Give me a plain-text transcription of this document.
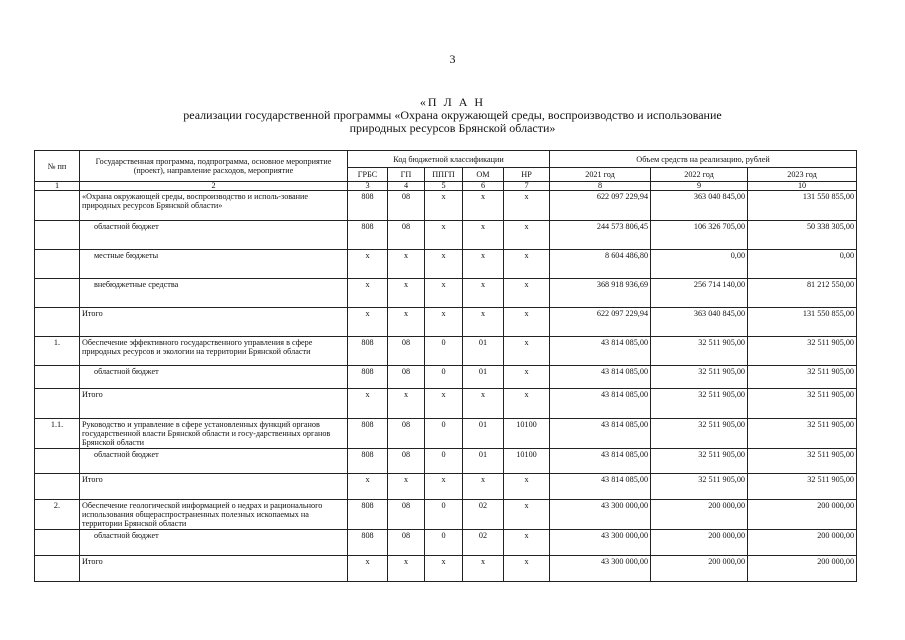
3
«П Л А Н
реализации государственной программы «Охрана окружающей среды, воспроизводство и использование
природных ресурсов Брянской области»
№ пп	Государственная программа, подпрограмма, основное мероприятие (проект), направление расходов, мероприятие	Код бюджетной классификации					Объем средств на реализацию, рублей		
		ГРБС	ГП	ППГП	ОМ	НР	2021 год	2022 год	2023 год
1	2	3	4	5	6	7	8	9	10
	«Охрана окружающей среды, воспроизводство и исполь-зование природных ресурсов Брянской области»	808	08	х	х	х	622 097 229,94	363 040 845,00	131 550 855,00
	областной бюджет	808	08	х	х	х	244 573 806,45	106 326 705,00	50 338 305,00
	местные бюджеты	х	х	х	х	х	8 604 486,80	0,00	0,00
	внебюджетные средства	х	х	х	х	х	368 918 936,69	256 714 140,00	81 212 550,00
	Итого	х	х	х	х	х	622 097 229,94	363 040 845,00	131 550 855,00
1.	Обеспечение эффективного государственного управления в сфере природных ресурсов и экологии на территории Брянской области	808	08	0	01	х	43 814 085,00	32 511 905,00	32 511 905,00
	областной бюджет	808	08	0	01	х	43 814 085,00	32 511 905,00	32 511 905,00
	Итого	х	х	х	х	х	43 814 085,00	32 511 905,00	32 511 905,00
1.1.	Руководство и управление в сфере установленных функций органов государственной власти Брянской области и госу-дарственных органов Брянской области	808	08	0	01	10100	43 814 085,00	32 511 905,00	32 511 905,00
	областной бюджет	808	08	0	01	10100	43 814 085,00	32 511 905,00	32 511 905,00
	Итого	х	х	х	х	х	43 814 085,00	32 511 905,00	32 511 905,00
2.	Обеспечение геологической информацией о недрах и рационального использования общераспространенных полезных ископаемых на территории Брянской области	808	08	0	02	х	43 300 000,00	200 000,00	200 000,00
	областной бюджет	808	08	0	02	х	43 300 000,00	200 000,00	200 000,00
	Итого	х	х	х	х	х	43 300 000,00	200 000,00	200 000,00
